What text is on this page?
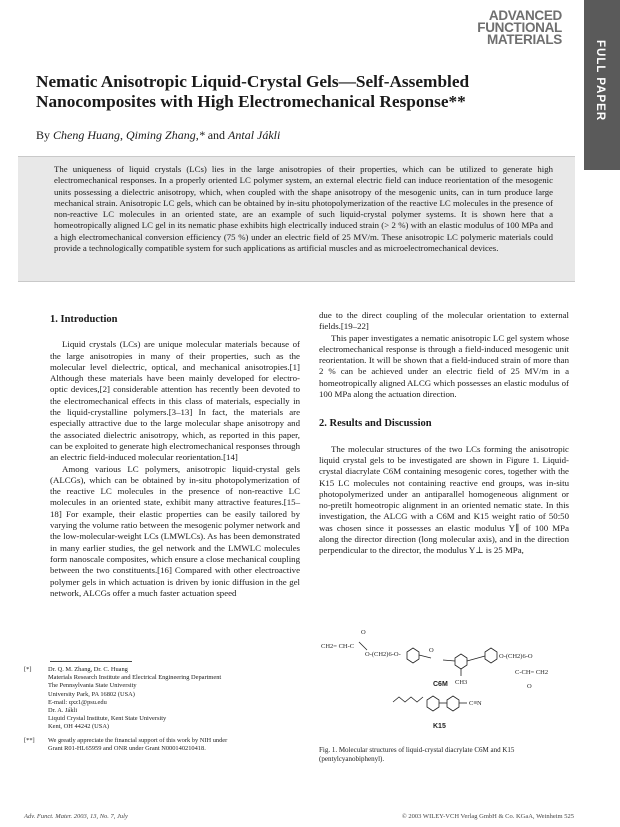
ADVANCED
FUNCTIONAL
MATERIALS
FULL PAPER
Nematic Anisotropic Liquid-Crystal Gels—Self-Assembled Nanocomposites with High Electromechanical Response**
By Cheng Huang, Qiming Zhang,* and Antal Jákli
The uniqueness of liquid crystals (LCs) lies in the large anisotropies of their properties, which can be utilized to generate high electromechanical responses. In a properly oriented LC polymer system, an external electric field can induce reorientation of the mesogenic units possessing a dielectric anisotropy, which, when coupled with the shape anisotropy of the mesogenic units, can in turn produce large mechanical strain. Anisotropic LC gels, which can be obtained by in-situ photopolymerization of the reactive LC molecules in the presence of non-reactive LC molecules in an oriented state, are an example of such liquid-crystal polymer systems. It is shown here that a homeotropically aligned LC gel in its nematic phase exhibits high electrically induced strain (> 2 %) with an elastic modulus of 100 MPa and a high electromechanical conversion efficiency (75 %) under an electric field of 25 MV/m. These anisotropic LC polymeric materials could provide a technologically compatible system for such applications as artificial muscles and as microelectromechanical devices.
1. Introduction

Liquid crystals (LCs) are unique molecular materials because of the large anisotropies in many of their properties, such as the molecular level dielectric, optical, and mechanical anisotropies.[1] Although these materials have been mainly developed for electro-optic devices,[2] considerable attention has recently been devoted to the electromechanical effects in this class of materials, especially in the liquid-crystalline polymers.[3–13] In fact, the materials are especially attractive due to the large molecular shape anisotropy and the associated dielectric anisotropy, which, as reported in this paper, can be exploited to generate high electromechanical responses through an electric field-induced molecular reorientation.[14]

Among various LC polymers, anisotropic liquid-crystal gels (ALCGs), which can be obtained by in-situ photopolymerization of the reactive LC molecules in the presence of non-reactive LC molecules in an oriented state, exhibit many attractive features.[15–18] For example, their elastic properties can be easily tailored by varying the volume ratio between the mesogenic polymer network and the low-molecular-weight LCs (LMWLCs). As has been demonstrated in many earlier studies, the gel network and the LMWLC molecules form nanoscale composites, which ensure a close mechanical coupling between the two constituents.[16] Compared with other electroactive polymer gels in which actuation is driven by ionic diffusion in the gel network, ALCGs offer a much faster actuation speed

due to the direct coupling of the molecular orientation to external fields.[19–22]

This paper investigates a nematic anisotropic LC gel system whose electromechanical response is through a field-induced mesogenic unit reorientation. It will be shown that a field-induced strain of more than 2 % can be achieved under an electric field of 25 MV/m in a homeotropically aligned ALCG which possesses an elastic modulus of 100 MPa along the actuation direction.

2. Results and Discussion

The molecular structures of the two LCs forming the anisotropic liquid crystal gels to be investigated are shown in Figure 1. Liquid-crystal diacrylate C6M containing mesogenic cores, together with the K15 LC molecules not containing reactive end groups, was in-situ photopolymerized under an antiparallel homogeneous alignment or no-pretilt homeotropic alignment in an oriented nematic state. In this investigation, the ALCG with a C6M and K15 weight ratio of 50:50 was chosen since it possesses an elastic modulus Y∥ of 100 MPa along the director direction (long molecular axis), and in the direction perpendicular to the director, the modulus Y⊥ is 25 MPa,

CH2= CH-C
O
O-(CH2)6-O-
O
CH3
O-(CH2)6-O
C-CH= CH2
O
C≡N
C6M
K15
Fig. 1. Molecular structures of liquid-crystal diacrylate C6M and K15 (pentylcyanobiphenyl).
[*]	Dr. Q. M. Zhang, Dr. C. Huang
Materials Research Institute and Electrical Engineering Department
The Pennsylvania State University
University Park, PA 16802 (USA)
E-mail: qxz1@psu.edu
Dr. A. Jákli
Liquid Crystal Institute, Kent State University
Kent, OH 44242 (USA)
[**]	We greatly appreciate the financial support of this work by NIH under
Grant R01-HL65959 and ONR under Grant N000140210418.
Adv. Funct. Mater. 2003, 13, No. 7, July	© 2003 WILEY-VCH Verlag GmbH & Co. KGaA, Weinheim 525
